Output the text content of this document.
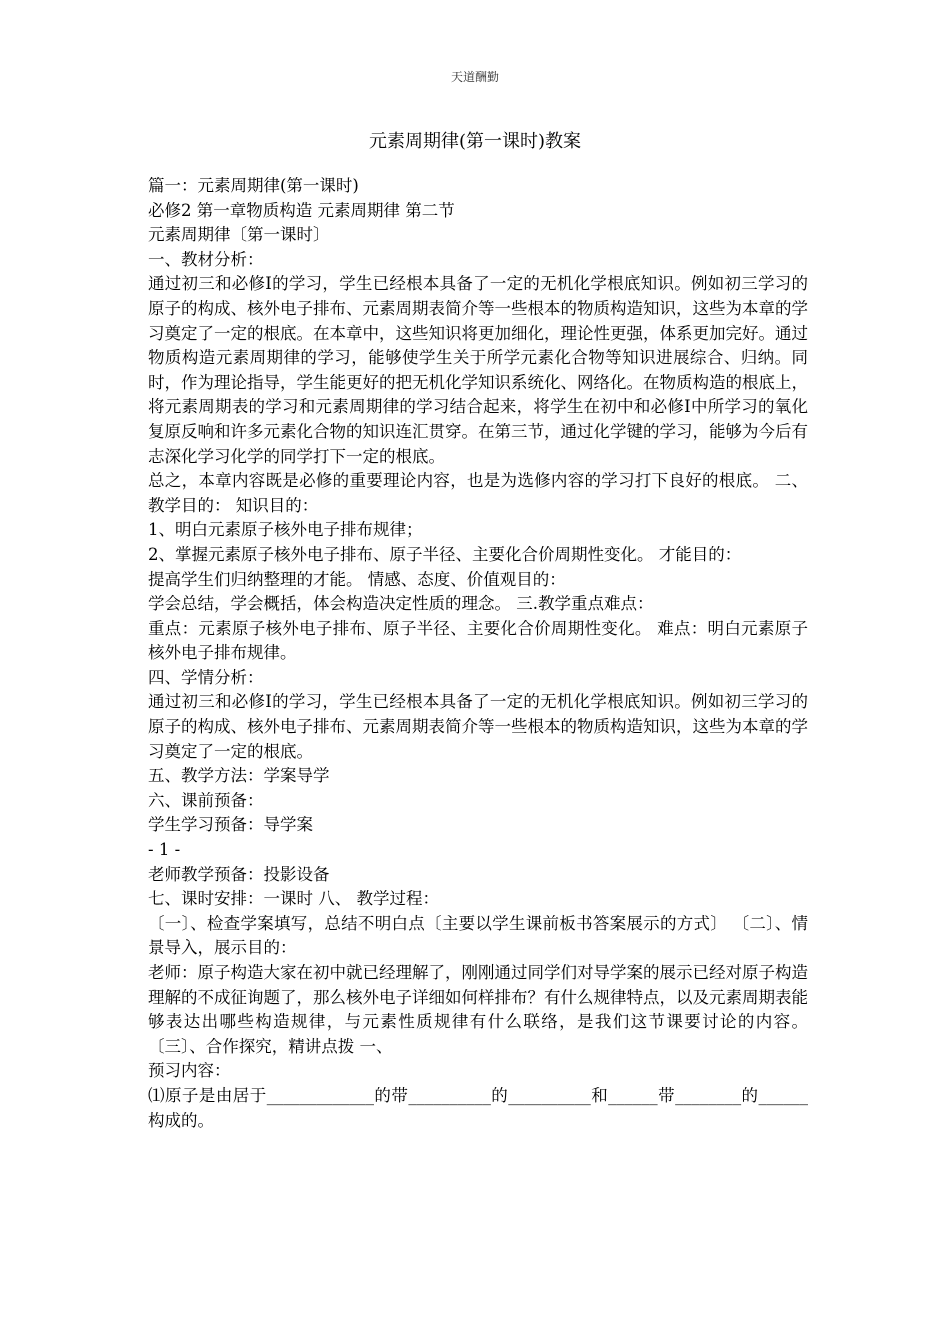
天道酬勤
元素周期律(第一课时)教案

篇一：元素周期律(第一课时)

必修2 第一章物质构造 元素周期律 第二节

元素周期律〔第一课时〕

一、教材分析：

通过初三和必修I的学习，学生已经根本具备了一定的无机化学根底知识。例如初三学习的原子的构成、核外电子排布、元素周期表简介等一些根本的物质构造知识，这些为本章的学习奠定了一定的根底。在本章中，这些知识将更加细化，理论性更强，体系更加完好。通过物质构造元素周期律的学习，能够使学生关于所学元素化合物等知识进展综合、归纳。同时，作为理论指导，学生能更好的把无机化学知识系统化、网络化。在物质构造的根底上，将元素周期表的学习和元素周期律的学习结合起来，将学生在初中和必修I中所学习的氧化复原反响和许多元素化合物的知识连汇贯穿。在第三节，通过化学键的学习，能够为今后有志深化学习化学的同学打下一定的根底。

总之，本章内容既是必修的重要理论内容，也是为选修内容的学习打下良好的根底。 二、教学目的： 知识目的：

1、明白元素原子核外电子排布规律；

2、掌握元素原子核外电子排布、原子半径、主要化合价周期性变化。 才能目的：

提高学生们归纳整理的才能。 情感、态度、价值观目的：

学会总结，学会概括，体会构造决定性质的理念。 三.教学重点难点：

重点：元素原子核外电子排布、原子半径、主要化合价周期性变化。 难点：明白元素原子核外电子排布规律。

四、学情分析：

通过初三和必修I的学习，学生已经根本具备了一定的无机化学根底知识。例如初三学习的原子的构成、核外电子排布、元素周期表简介等一些根本的物质构造知识，这些为本章的学习奠定了一定的根底。

五、教学方法：学案导学

六、课前预备：

学生学习预备：导学案

- 1 -

老师教学预备：投影设备

七、课时安排：一课时 八、 教学过程：

〔一〕、检查学案填写，总结不明白点〔主要以学生课前板书答案展示的方式〕 〔二〕、情景导入，展示目的：

老师：原子构造大家在初中就已经理解了，刚刚通过同学们对导学案的展示已经对原子构造理解的不成征询题了，那么核外电子详细如何样排布？有什么规律特点，以及元素周期表能够表达出哪些构造规律，与元素性质规律有什么联络，是我们这节课要讨论的内容。 〔三〕、合作探究，精讲点拨 一、

预习内容：

⑴原子是由居于_____________的带__________的__________和______带________的______构成的。
